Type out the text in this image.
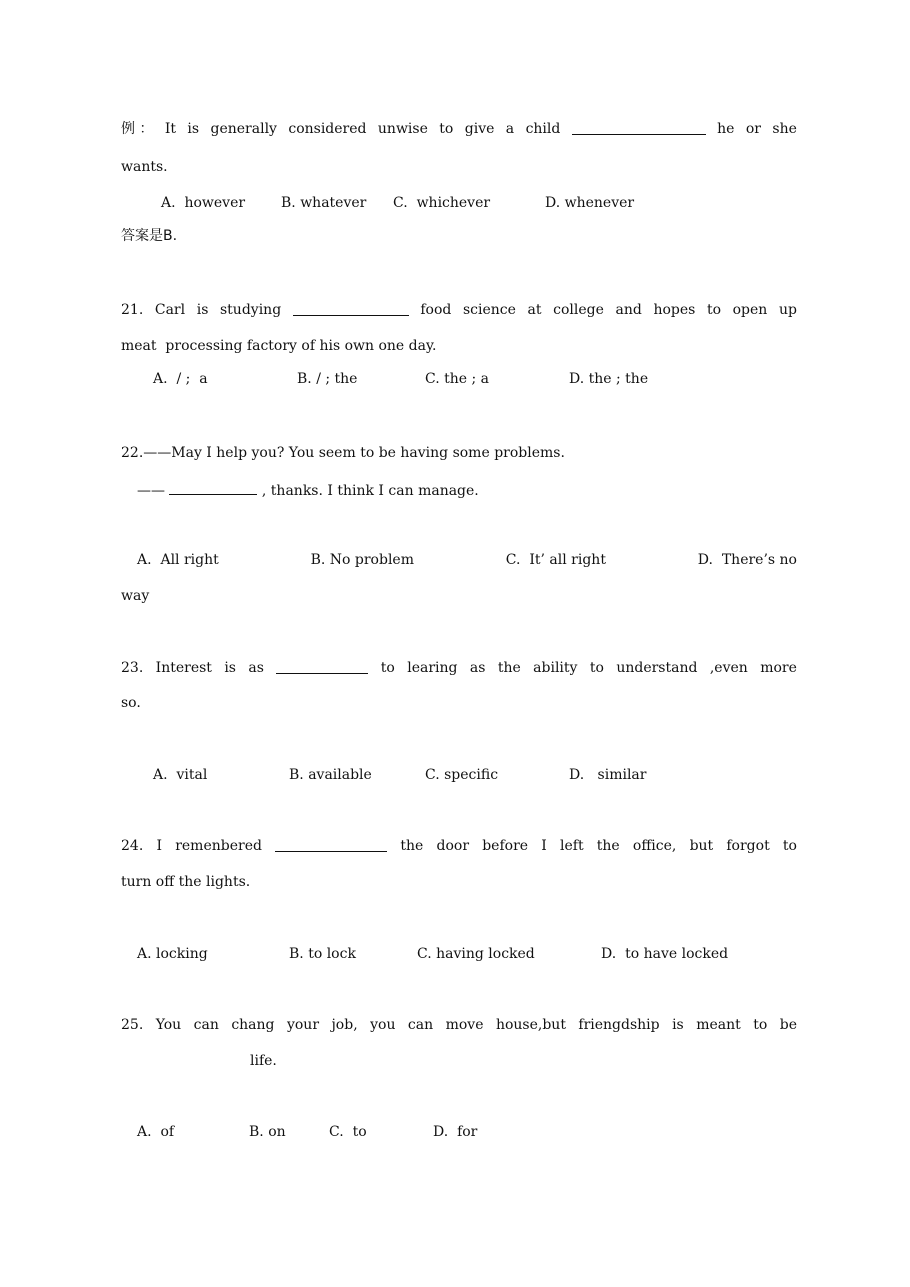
例 ： It is generally considered unwise to give a child	he or she
wants.
A.  however	B. whatever C.  whichever	D. whenever
答案是B.
21. Carl is studying	food science at college and hopes to open up
meat  processing factory of his own one day.
A.  / ;  a	B. / ; the	C. the ; a	D. the ; the
22.——May I help you? You seem to be having some problems.
——	, thanks. I think I can manage.
A.  All right	B. No problem	C.  It’ all right	D.  There’s no
way
23. Interest is as	to learing as the ability to understand ,even more
so.
A.  vital	B. available	C. specific	D.   similar
24. I remenbered	the door before I left the office, but forgot to
turn off the lights.
A. locking	B. to lock	C. having locked	D.  to have locked
25. You can chang your job, you can move house,but friengdship is meant to be
life.
A.  of	B. on	C.  to	D.  for
